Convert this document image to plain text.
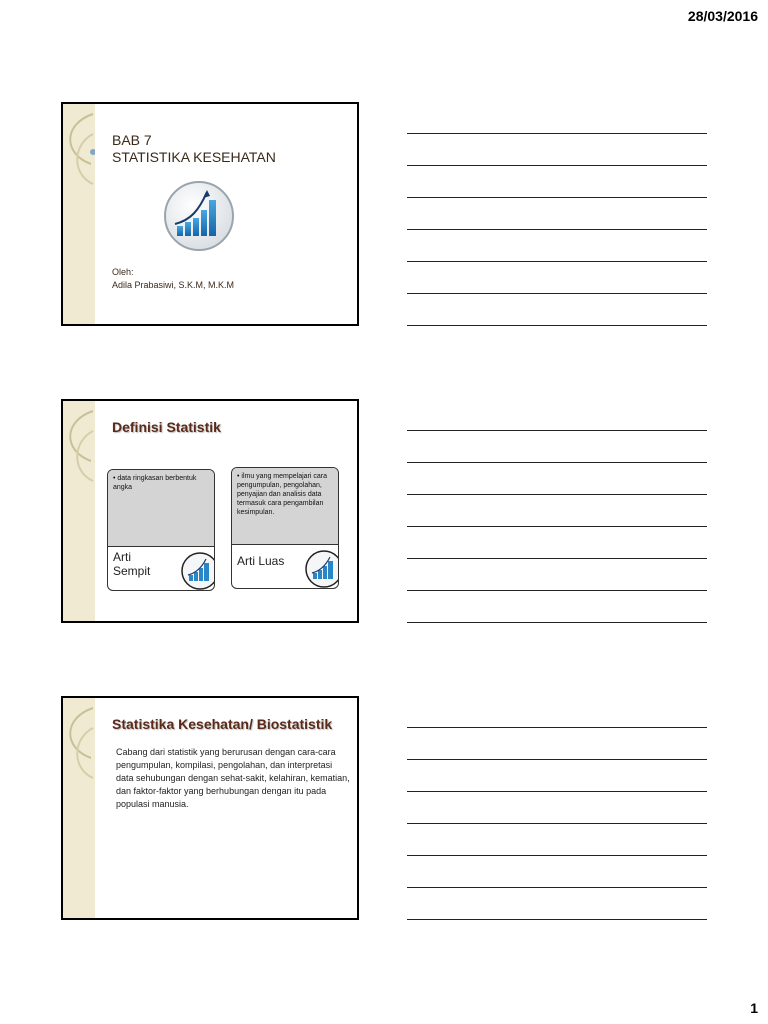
28/03/2016
BAB 7
STATISTIKA KESEHATAN
Oleh:
Adila Prabasiwi, S.K.M, M.K.M
Definisi Statistik
• data ringkasan berbentuk angka
Arti
Sempit
• ilmu yang mempelajari cara pengumpulan, pengolahan, penyajian dan analisis data termasuk cara pengambilan kesimpulan.
Arti Luas
Statistika Kesehatan/ Biostatistik
Cabang dari statistik yang berurusan dengan cara-cara pengumpulan, kompilasi, pengolahan, dan interpretasi data sehubungan dengan sehat-sakit, kelahiran, kematian, dan faktor-faktor yang berhubungan dengan itu pada populasi manusia.
1
